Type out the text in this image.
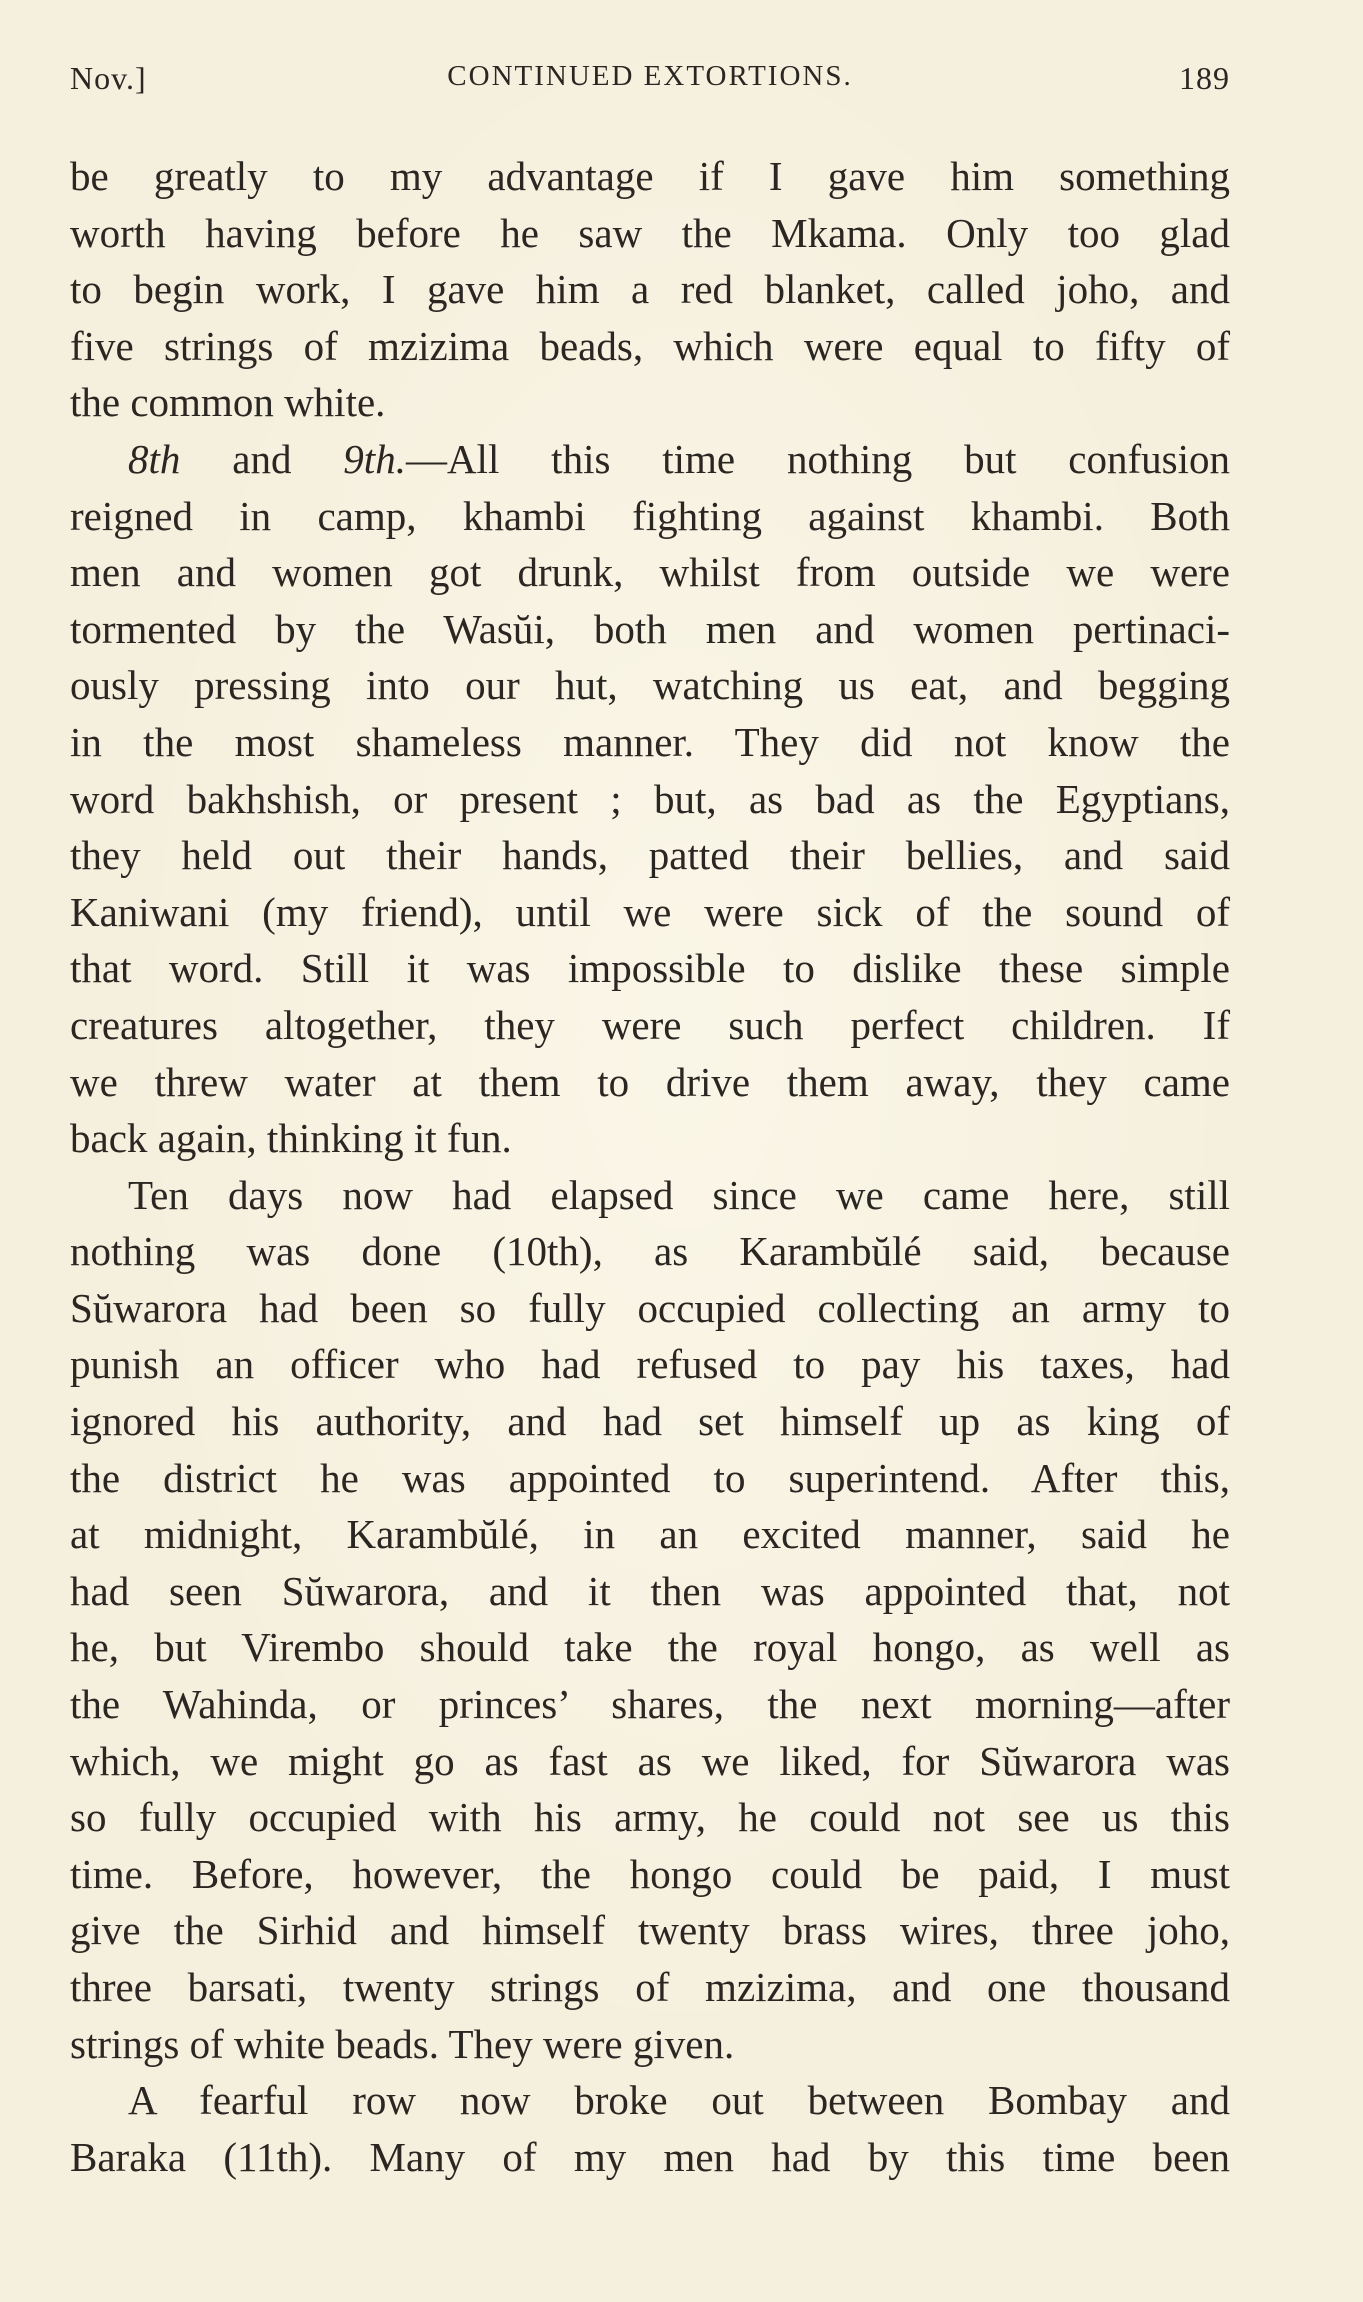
Nov.]	CONTINUED EXTORTIONS.	189
be greatly to my advantage if I gave him something
worth having before he saw the Mkama. Only too glad
to begin work, I gave him a red blanket, called joho, and
five strings of mzizima beads, which were equal to fifty of
the common white.
8th and 9th.—All this time nothing but confusion
reigned in camp, khambi fighting against khambi. Both
men and women got drunk, whilst from outside we were
tormented by the Wasŭi, both men and women pertinaci-
ously pressing into our hut, watching us eat, and begging
in the most shameless manner. They did not know the
word bakhshish, or present ; but, as bad as the Egyptians,
they held out their hands, patted their bellies, and said
Kaniwani (my friend), until we were sick of the sound of
that word. Still it was impossible to dislike these simple
creatures altogether, they were such perfect children. If
we threw water at them to drive them away, they came
back again, thinking it fun.
Ten days now had elapsed since we came here, still
nothing was done (10th), as Karambŭlé said, because
Sŭwarora had been so fully occupied collecting an army to
punish an officer who had refused to pay his taxes, had
ignored his authority, and had set himself up as king of
the district he was appointed to superintend. After this,
at midnight, Karambŭlé, in an excited manner, said he
had seen Sŭwarora, and it then was appointed that, not
he, but Virembo should take the royal hongo, as well as
the Wahinda, or princes’ shares, the next morning—after
which, we might go as fast as we liked, for Sŭwarora was
so fully occupied with his army, he could not see us this
time. Before, however, the hongo could be paid, I must
give the Sirhid and himself twenty brass wires, three joho,
three barsati, twenty strings of mzizima, and one thousand
strings of white beads. They were given.
A fearful row now broke out between Bombay and
Baraka (11th). Many of my men had by this time been
